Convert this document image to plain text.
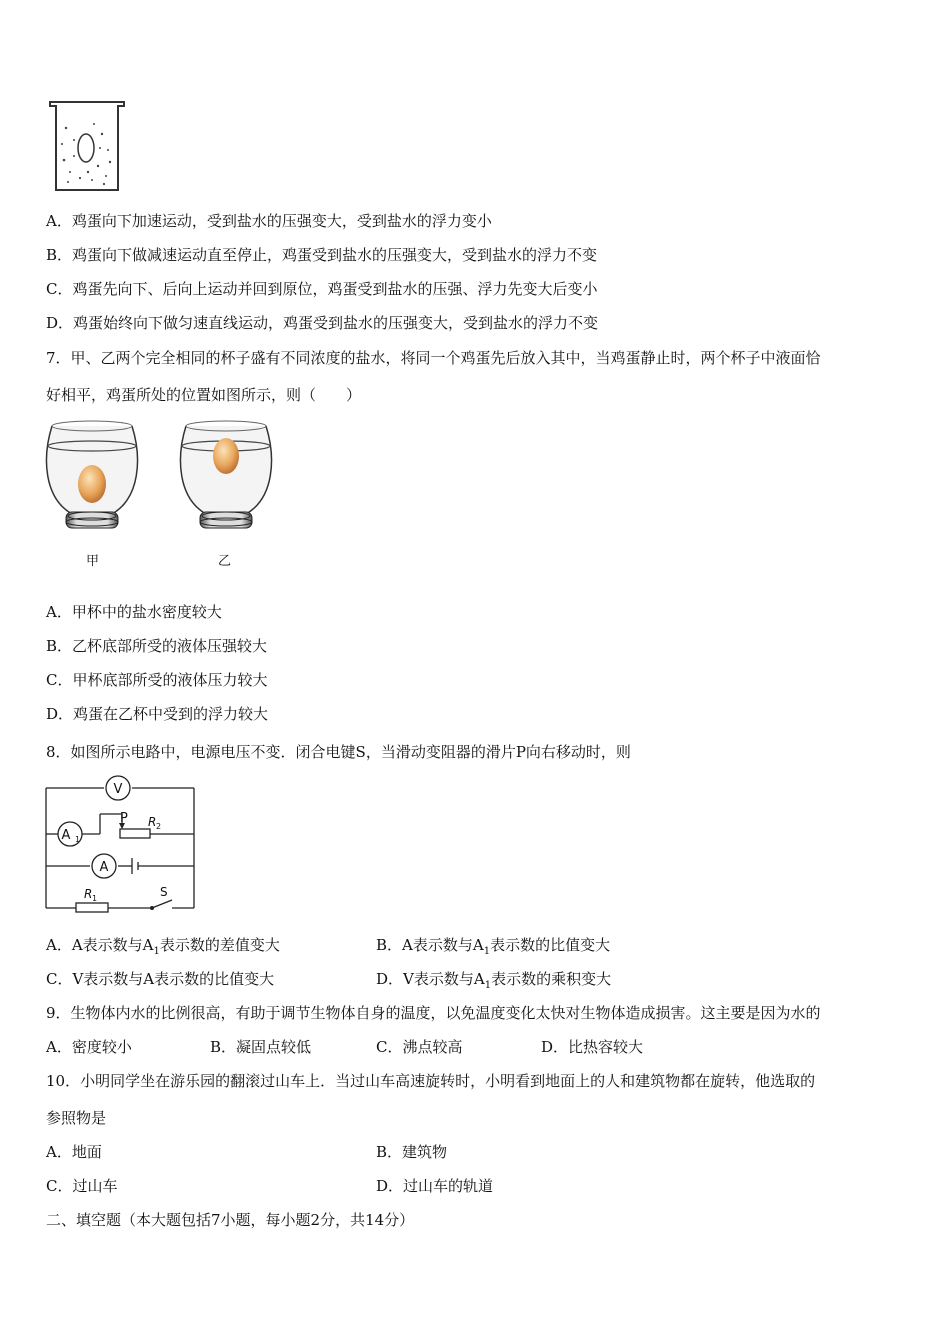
A．鸡蛋向下加速运动，受到盐水的压强变大，受到盐水的浮力变小
B．鸡蛋向下做减速运动直至停止，鸡蛋受到盐水的压强变大，受到盐水的浮力不变
C．鸡蛋先向下、后向上运动并回到原位，鸡蛋受到盐水的压强、浮力先变大后变小
D．鸡蛋始终向下做匀速直线运动，鸡蛋受到盐水的压强变大，受到盐水的浮力不变
7．甲、乙两个完全相同的杯子盛有不同浓度的盐水，将同一个鸡蛋先后放入其中，当鸡蛋静止时，两个杯子中液面恰
好相平，鸡蛋所处的位置如图所示，则（　　）
甲	乙
A．甲杯中的盐水密度较大
B．乙杯底部所受的液体压强较大
C．甲杯底部所受的液体压力较大
D．鸡蛋在乙杯中受到的浮力较大
8．如图所示电路中，电源电压不变．闭合电键S，当滑动变阻器的滑片P向右移动时，则
V
A 1
A
P R 2
R 1	S
A．A表示数与$A_1$表示数的差值变大	B．A表示数与$A_1$表示数的比值变大
C．V表示数与A表示数的比值变大	D．V表示数与$A_1$表示数的乘积变大
9．生物体内水的比例很高，有助于调节生物体自身的温度，以免温度变化太快对生物体造成损害。这主要是因为水的
A．密度较小	B．凝固点较低	C．沸点较高	D．比热容较大
10．小明同学坐在游乐园的翻滚过山车上．当过山车高速旋转时，小明看到地面上的人和建筑物都在旋转，他选取的
参照物是
A．地面	B．建筑物
C．过山车	D．过山车的轨道
二、填空题（本大题包括7小题，每小题2分，共14分）
